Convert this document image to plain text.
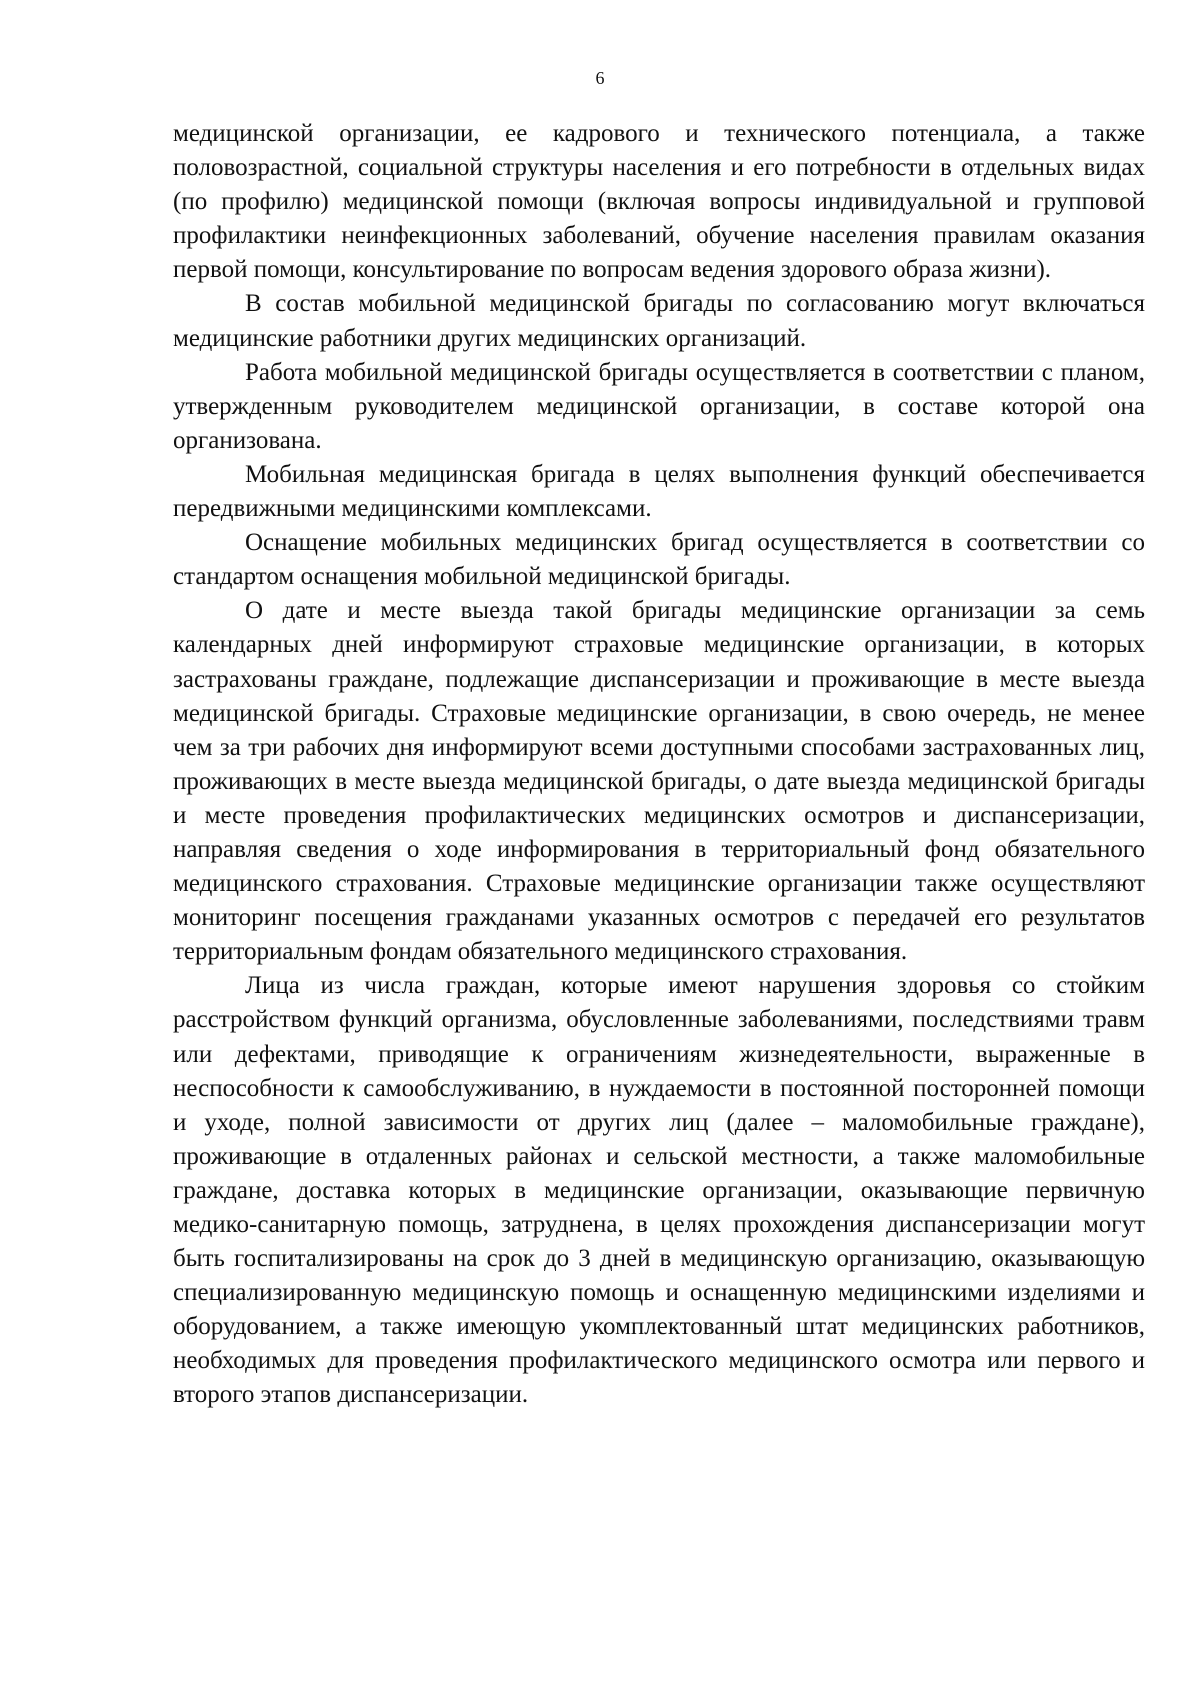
6

медицинской организации, ее кадрового и технического потенциала, а также половозрастной, социальной структуры населения и его потребности в отдельных видах (по профилю) медицинской помощи (включая вопросы индивидуальной и групповой профилактики неинфекционных заболеваний, обучение населения правилам оказания первой помощи, консультирование по вопросам ведения здорового образа жизни).

В состав мобильной медицинской бригады по согласованию могут включаться медицинские работники других медицинских организаций.

Работа мобильной медицинской бригады осуществляется в соответствии с планом, утвержденным руководителем медицинской организации, в составе которой она организована.

Мобильная медицинская бригада в целях выполнения функций обеспечивается передвижными медицинскими комплексами.

Оснащение мобильных медицинских бригад осуществляется в соответствии со стандартом оснащения мобильной медицинской бригады.

О дате и месте выезда такой бригады медицинские организации за семь календарных дней информируют страховые медицинские организации, в которых застрахованы граждане, подлежащие диспансеризации и проживающие в месте выезда медицинской бригады. Страховые медицинские организации, в свою очередь, не менее чем за три рабочих дня информируют всеми доступными способами застрахованных лиц, проживающих в месте выезда медицинской бригады, о дате выезда медицинской бригады и месте проведения профилактических медицинских осмотров и диспансеризации, направляя сведения о ходе информирования в территориальный фонд обязательного медицинского страхования. Страховые медицинские организации также осуществляют мониторинг посещения гражданами указанных осмотров с передачей его результатов территориальным фондам обязательного медицинского страхования.

Лица из числа граждан, которые имеют нарушения здоровья со стойким расстройством функций организма, обусловленные заболеваниями, последствиями травм или дефектами, приводящие к ограничениям жизнедеятельности, выраженные в неспособности к самообслуживанию, в нуждаемости в постоянной посторонней помощи и уходе, полной зависимости от других лиц (далее – маломобильные граждане), проживающие в отдаленных районах и сельской местности, а также маломобильные граждане, доставка которых в медицинские организации, оказывающие первичную медико-санитарную помощь, затруднена, в целях прохождения диспансеризации могут быть госпитализированы на срок до 3 дней в медицинскую организацию, оказывающую специализированную медицинскую помощь и оснащенную медицинскими изделиями и оборудованием, а также имеющую укомплектованный штат медицинских работников, необходимых для проведения профилактического медицинского осмотра или первого и второго этапов диспансеризации.
